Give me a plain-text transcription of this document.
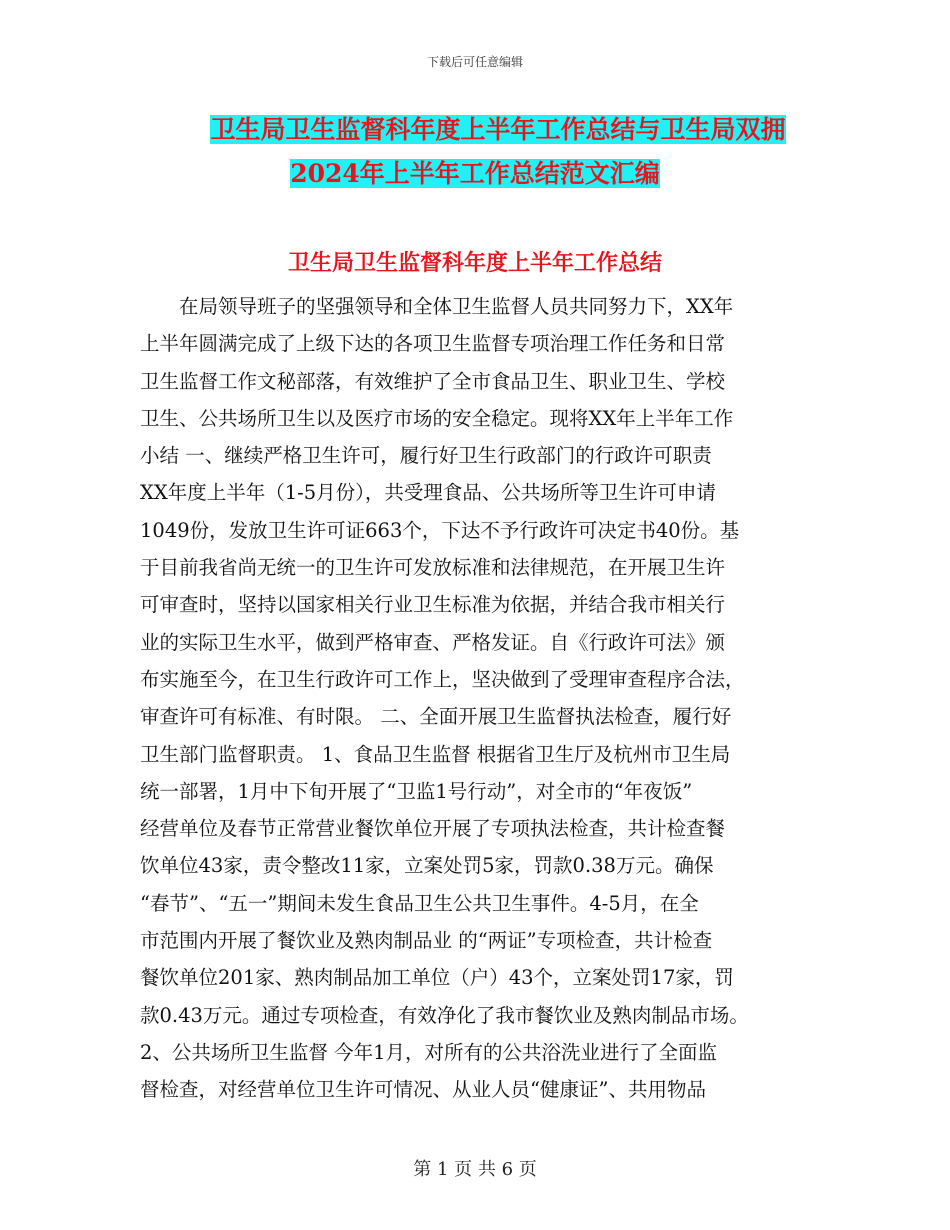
下载后可任意编辑
卫生局卫生监督科年度上半年工作总结与卫生局双拥
2024年上半年工作总结范文汇编
卫生局卫生监督科年度上半年工作总结
　　在局领导班子的坚强领导和全体卫生监督人员共同努力下，XX年
上半年圆满完成了上级下达的各项卫生监督专项治理工作任务和日常
卫生监督工作文秘部落，有效维护了全市食品卫生、职业卫生、学校
卫生、公共场所卫生以及医疗市场的安全稳定。现将XX年上半年工作
小结 一、继续严格卫生许可，履行好卫生行政部门的行政许可职责
XX年度上半年（1-5月份），共受理食品、公共场所等卫生许可申请
1049份，发放卫生许可证663个，下达不予行政许可决定书40份。基
于目前我省尚无统一的卫生许可发放标准和法律规范，在开展卫生许
可审查时，坚持以国家相关行业卫生标准为依据，并结合我市相关行
业的实际卫生水平，做到严格审查、严格发证。自《行政许可法》颁
布实施至今，在卫生行政许可工作上，坚决做到了受理审查程序合法，
审查许可有标准、有时限。 二、全面开展卫生监督执法检查，履行好
卫生部门监督职责。 1、食品卫生监督 根据省卫生厅及杭州市卫生局
统一部署，1月中下旬开展了“卫监1号行动”，对全市的“年夜饭”
经营单位及春节正常营业餐饮单位开展了专项执法检查，共计检查餐
饮单位43家，责令整改11家，立案处罚5家，罚款0.38万元。确保
“春节”、“五一”期间未发生食品卫生公共卫生事件。4-5月，在全
市范围内开展了餐饮业及熟肉制品业 的“两证”专项检查，共计检查
餐饮单位201家、熟肉制品加工单位（户）43个，立案处罚17家，罚
款0.43万元。通过专项检查，有效净化了我市餐饮业及熟肉制品市场。
2、公共场所卫生监督 今年1月，对所有的公共浴洗业进行了全面监
督检查，对经营单位卫生许可情况、从业人员“健康证”、共用物品
第 1 页 共 6 页
